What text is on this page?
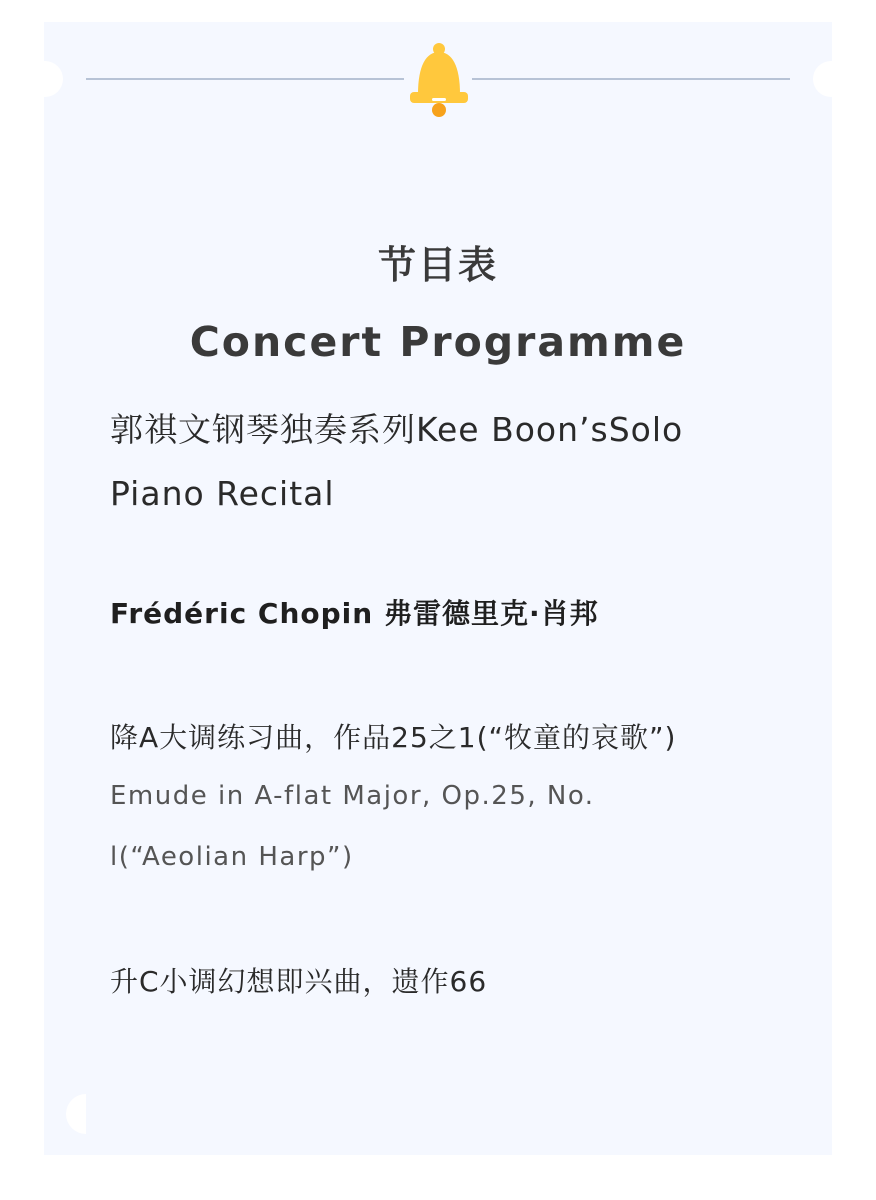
节目表
Concert Programme

郭祺文钢琴独奏系列Kee Boon’sSolo Piano Recital

Frédéric Chopin 弗雷德里克·肖邦

降A大调练习曲，作品25之1(“牧童的哀歌”)

Emude in A-flat Major, Op.25, No. l(“Aeolian Harp”)

升C小调幻想即兴曲，遗作66
